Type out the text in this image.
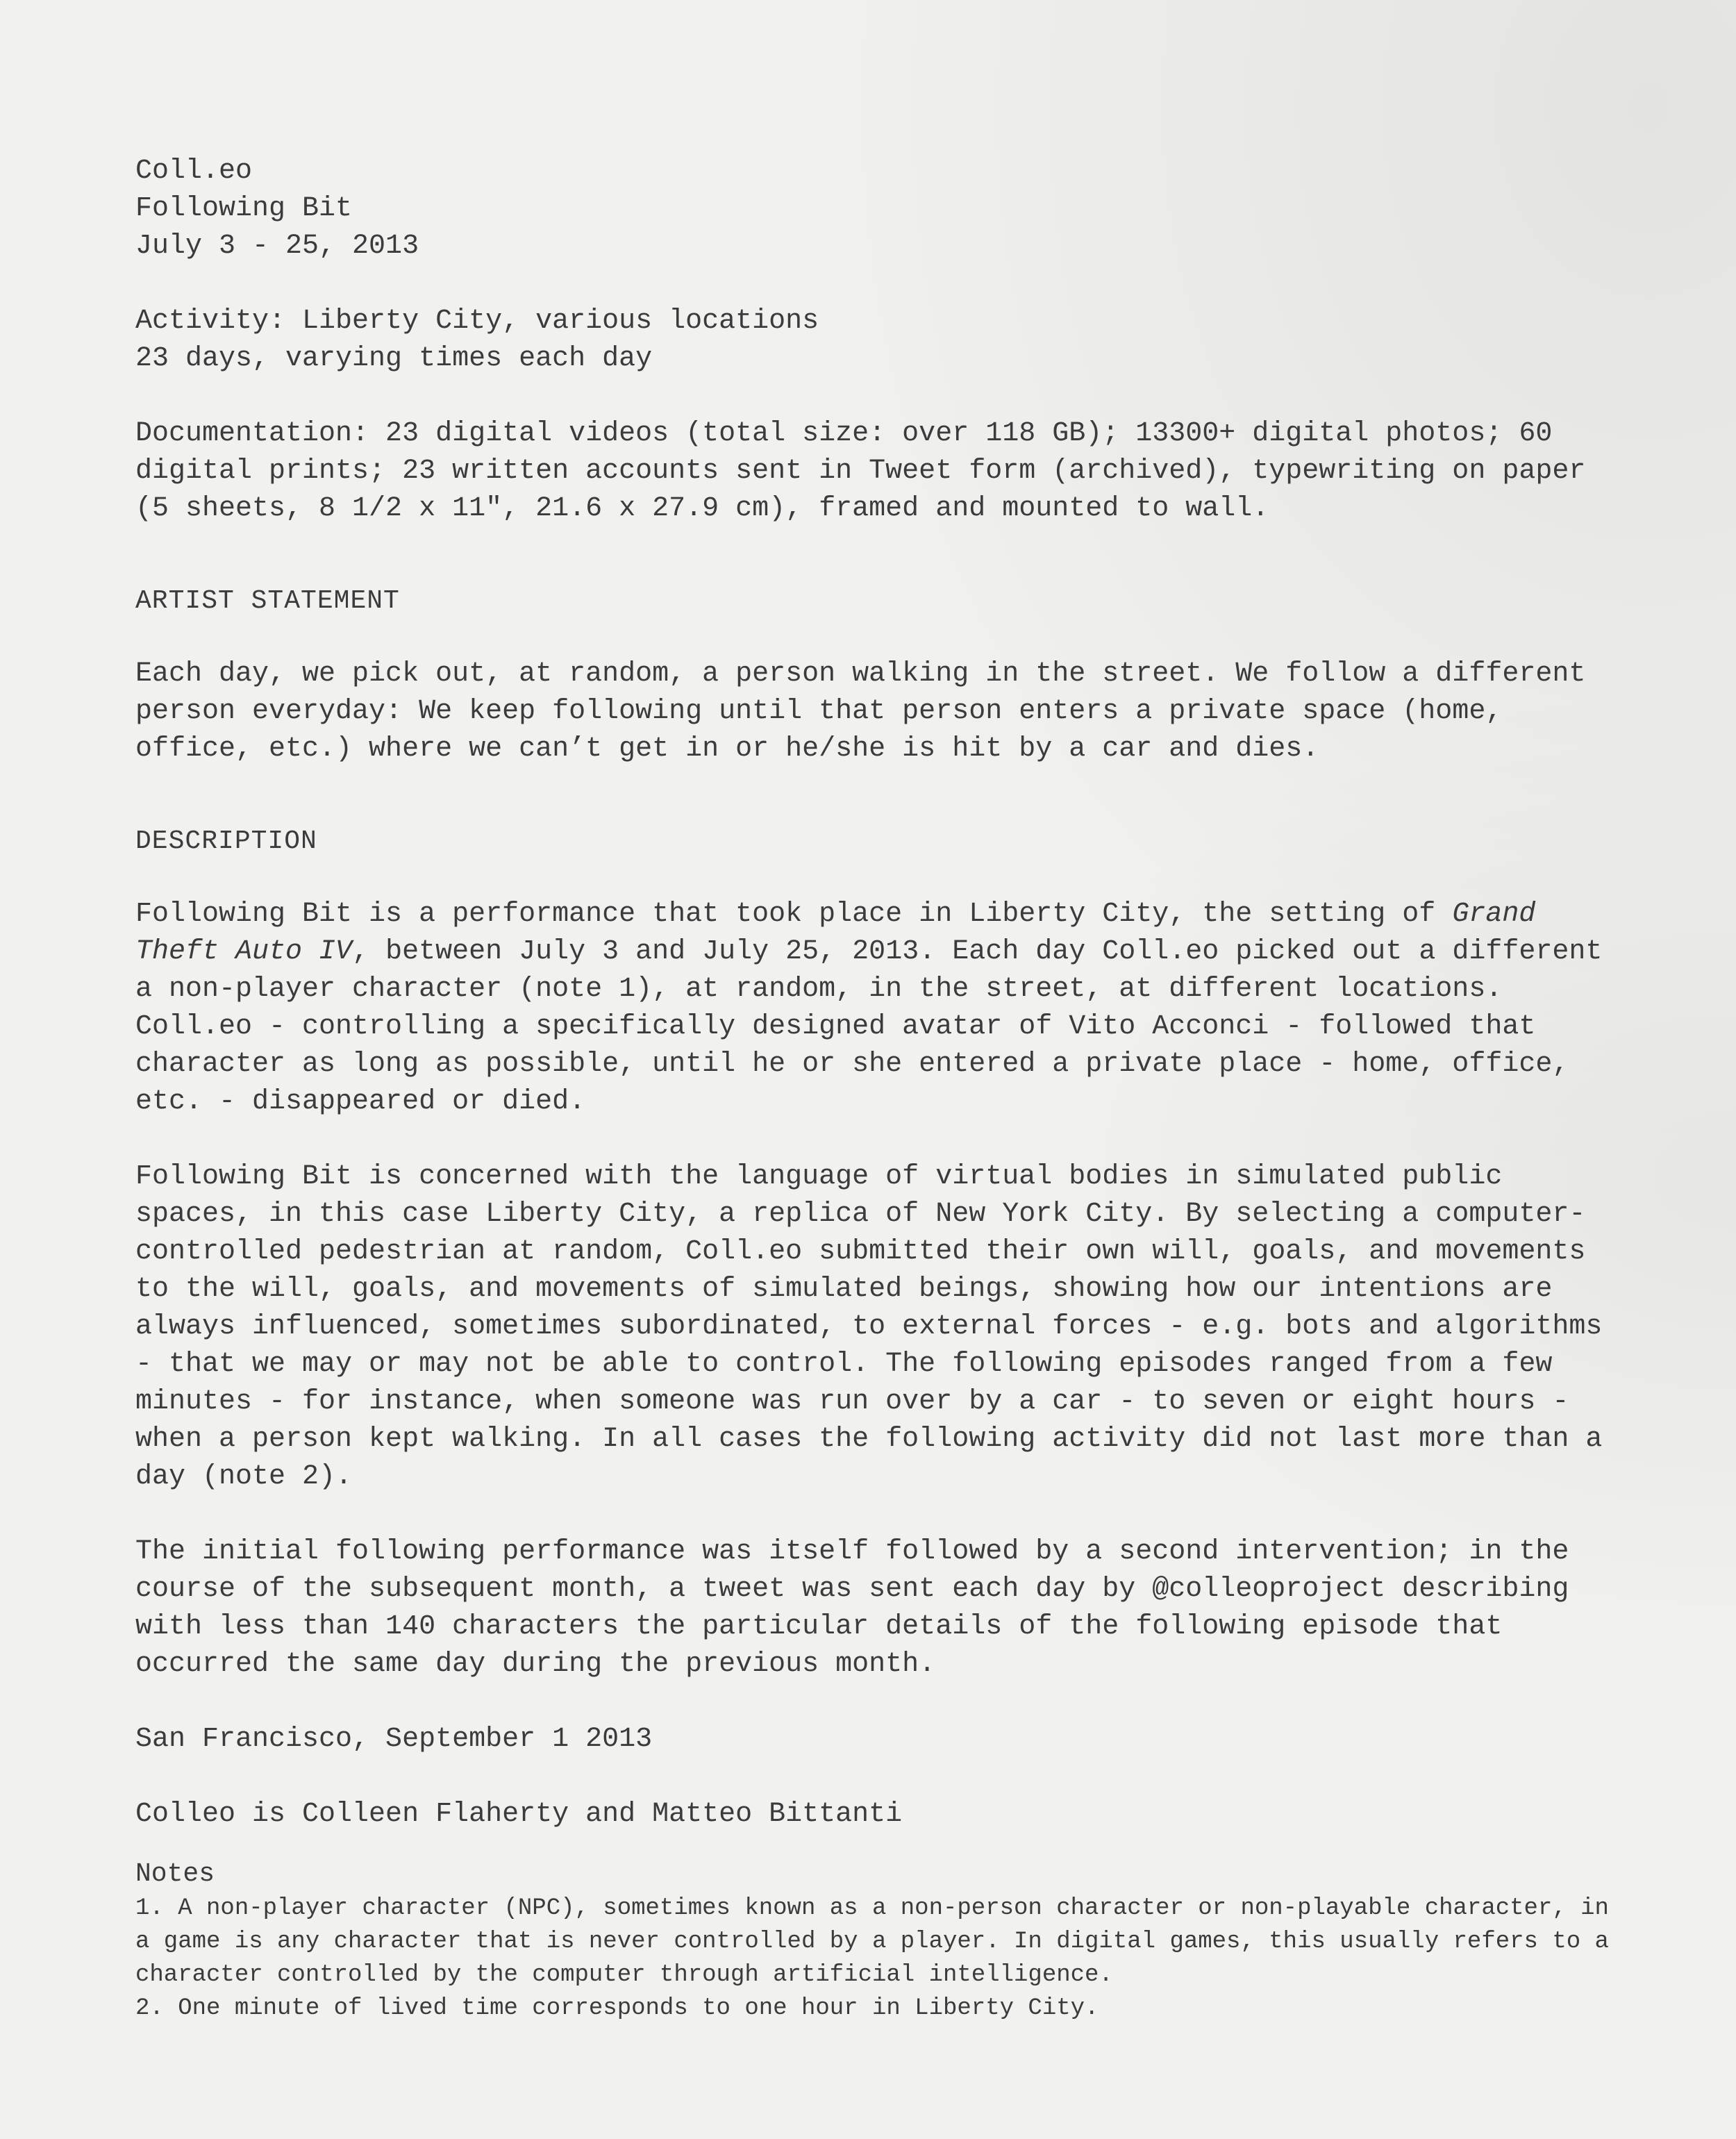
Coll.eo

Following Bit

July 3 - 25, 2013

Activity: Liberty City, various locations

23 days, varying times each day

Documentation: 23 digital videos (total size: over 118 GB); 13300+ digital photos; 60 digital prints; 23 written accounts sent in Tweet form (archived), typewriting on paper (5 sheets, 8 1/2 x 11", 21.6 x 27.9 cm), framed and mounted to wall.

ARTIST STATEMENT

Each day, we pick out, at random, a person walking in the street. We follow a different person everyday: We keep following until that person enters a private space (home, office, etc.) where we can’t get in or he/she is hit by a car and dies.

DESCRIPTION

Following Bit is a performance that took place in Liberty City, the setting of Grand Theft Auto IV, between July 3 and July 25, 2013. Each day Coll.eo picked out a different a non-player character (note 1), at random, in the street, at different locations. Coll.eo - controlling a specifically designed avatar of Vito Acconci - followed that character as long as possible, until he or she entered a private place - home, office, etc. - disappeared or died.

Following Bit is concerned with the language of virtual bodies in simulated public spaces, in this case Liberty City, a replica of New York City. By selecting a computer-controlled pedestrian at random, Coll.eo submitted their own will, goals, and movements to the will, goals, and movements of simulated beings, showing how our intentions are always influenced, sometimes subordinated, to external forces - e.g. bots and algorithms - that we may or may not be able to control. The following episodes ranged from a few minutes - for instance, when someone was run over by a car - to seven or eight hours - when a person kept walking. In all cases the following activity did not last more than a day (note 2).

The initial following performance was itself followed by a second intervention; in the course of the subsequent month, a tweet was sent each day by @colleoproject describing with less than 140 characters the particular details of the following episode that occurred the same day during the previous month.

San Francisco, September 1 2013

Colleo is Colleen Flaherty and Matteo Bittanti

Notes

1. A non-player character (NPC), sometimes known as a non-person character or non-playable character, in a game is any character that is never controlled by a player. In digital games, this usually refers to a character controlled by the computer through artificial intelligence.

2. One minute of lived time corresponds to one hour in Liberty City.
